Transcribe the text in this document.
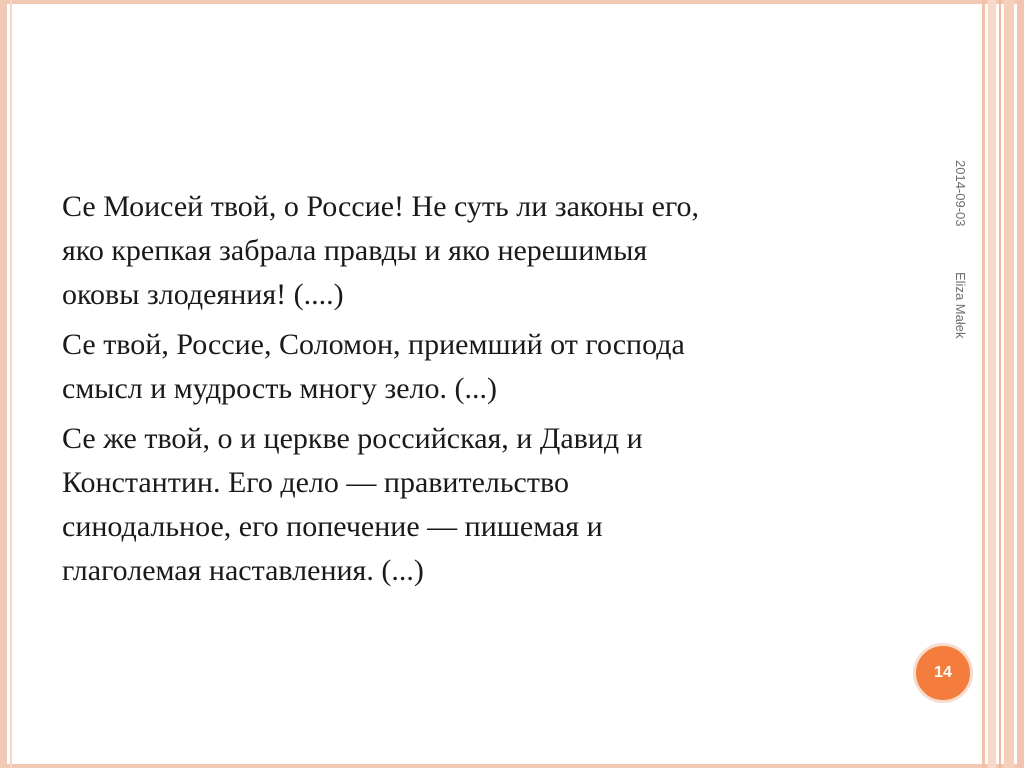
2014-09-03
Eliza Małek

Се Моисей твой, о Россие! Не суть ли законы его,
яко крепкая забрала правды и яко нерешимыя
оковы злодеяния! (....)

Се твой, Россие, Соломон, приемший от господа
смысл и мудрость многу зело. (...)

Се же твой, о и церкве российская, и Давид и
Константин. Его дело — правительство
синодальное, его попечение — пишемая и
глаголемая наставления. (...)

14
